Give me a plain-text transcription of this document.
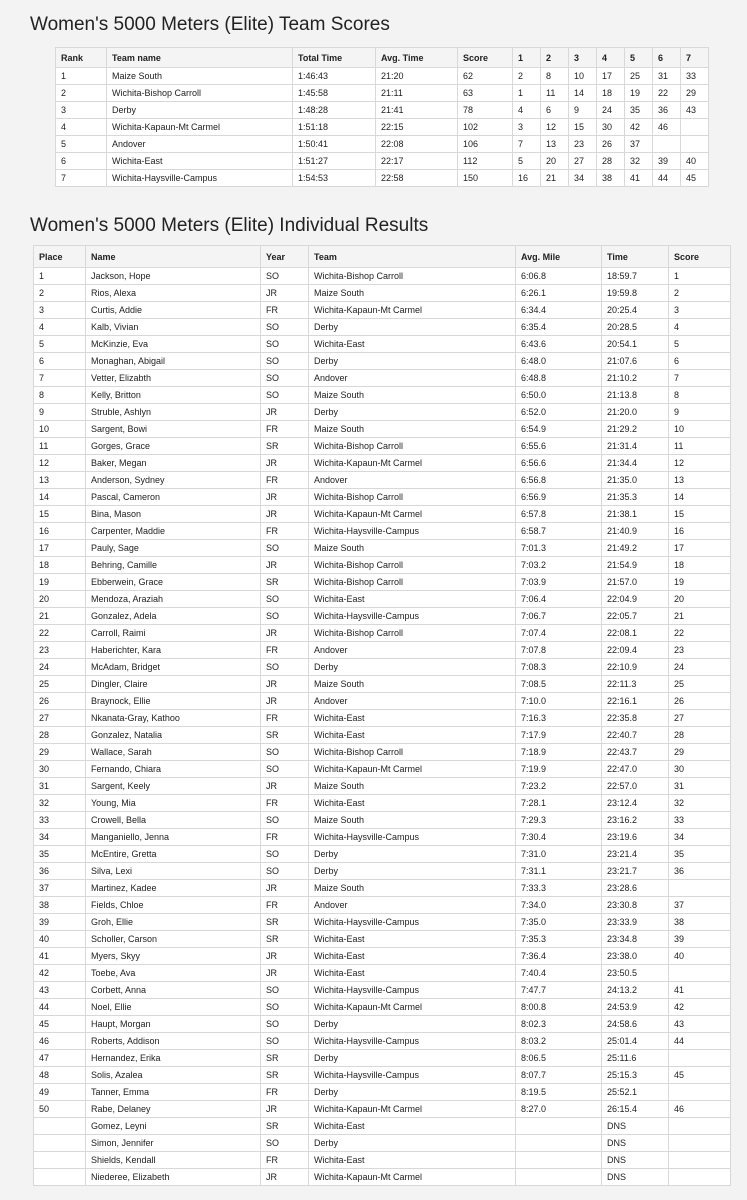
Women's 5000 Meters (Elite) Team Scores
Rank	Team name	Total Time	Avg. Time	Score	1	2	3	4	5	6	7
1	Maize South	1:46:43	21:20	62	2	8	10	17	25	31	33
2	Wichita-Bishop Carroll	1:45:58	21:11	63	1	11	14	18	19	22	29
3	Derby	1:48:28	21:41	78	4	6	9	24	35	36	43
4	Wichita-Kapaun-Mt Carmel	1:51:18	22:15	102	3	12	15	30	42	46	
5	Andover	1:50:41	22:08	106	7	13	23	26	37		
6	Wichita-East	1:51:27	22:17	112	5	20	27	28	32	39	40
7	Wichita-Haysville-Campus	1:54:53	22:58	150	16	21	34	38	41	44	45
Women's 5000 Meters (Elite) Individual Results
Place	Name	Year	Team	Avg. Mile	Time	Score
1	Jackson, Hope	SO	Wichita-Bishop Carroll	6:06.8	18:59.7	1
2	Rios, Alexa	JR	Maize South	6:26.1	19:59.8	2
3	Curtis, Addie	FR	Wichita-Kapaun-Mt Carmel	6:34.4	20:25.4	3
4	Kalb, Vivian	SO	Derby	6:35.4	20:28.5	4
5	McKinzie, Eva	SO	Wichita-East	6:43.6	20:54.1	5
6	Monaghan, Abigail	SO	Derby	6:48.0	21:07.6	6
7	Vetter, Elizabth	SO	Andover	6:48.8	21:10.2	7
8	Kelly, Britton	SO	Maize South	6:50.0	21:13.8	8
9	Struble, Ashlyn	JR	Derby	6:52.0	21:20.0	9
10	Sargent, Bowi	FR	Maize South	6:54.9	21:29.2	10
11	Gorges, Grace	SR	Wichita-Bishop Carroll	6:55.6	21:31.4	11
12	Baker, Megan	JR	Wichita-Kapaun-Mt Carmel	6:56.6	21:34.4	12
13	Anderson, Sydney	FR	Andover	6:56.8	21:35.0	13
14	Pascal, Cameron	JR	Wichita-Bishop Carroll	6:56.9	21:35.3	14
15	Bina, Mason	JR	Wichita-Kapaun-Mt Carmel	6:57.8	21:38.1	15
16	Carpenter, Maddie	FR	Wichita-Haysville-Campus	6:58.7	21:40.9	16
17	Pauly, Sage	SO	Maize South	7:01.3	21:49.2	17
18	Behring, Camille	JR	Wichita-Bishop Carroll	7:03.2	21:54.9	18
19	Ebberwein, Grace	SR	Wichita-Bishop Carroll	7:03.9	21:57.0	19
20	Mendoza, Araziah	SO	Wichita-East	7:06.4	22:04.9	20
21	Gonzalez, Adela	SO	Wichita-Haysville-Campus	7:06.7	22:05.7	21
22	Carroll, Raimi	JR	Wichita-Bishop Carroll	7:07.4	22:08.1	22
23	Haberichter, Kara	FR	Andover	7:07.8	22:09.4	23
24	McAdam, Bridget	SO	Derby	7:08.3	22:10.9	24
25	Dingler, Claire	JR	Maize South	7:08.5	22:11.3	25
26	Braynock, Ellie	JR	Andover	7:10.0	22:16.1	26
27	Nkanata-Gray, Kathoo	FR	Wichita-East	7:16.3	22:35.8	27
28	Gonzalez, Natalia	SR	Wichita-East	7:17.9	22:40.7	28
29	Wallace, Sarah	SO	Wichita-Bishop Carroll	7:18.9	22:43.7	29
30	Fernando, Chiara	SO	Wichita-Kapaun-Mt Carmel	7:19.9	22:47.0	30
31	Sargent, Keely	JR	Maize South	7:23.2	22:57.0	31
32	Young, Mia	FR	Wichita-East	7:28.1	23:12.4	32
33	Crowell, Bella	SO	Maize South	7:29.3	23:16.2	33
34	Manganiello, Jenna	FR	Wichita-Haysville-Campus	7:30.4	23:19.6	34
35	McEntire, Gretta	SO	Derby	7:31.0	23:21.4	35
36	Silva, Lexi	SO	Derby	7:31.1	23:21.7	36
37	Martinez, Kadee	JR	Maize South	7:33.3	23:28.6	
38	Fields, Chloe	FR	Andover	7:34.0	23:30.8	37
39	Groh, Ellie	SR	Wichita-Haysville-Campus	7:35.0	23:33.9	38
40	Scholler, Carson	SR	Wichita-East	7:35.3	23:34.8	39
41	Myers, Skyy	JR	Wichita-East	7:36.4	23:38.0	40
42	Toebe, Ava	JR	Wichita-East	7:40.4	23:50.5	
43	Corbett, Anna	SO	Wichita-Haysville-Campus	7:47.7	24:13.2	41
44	Noel, Ellie	SO	Wichita-Kapaun-Mt Carmel	8:00.8	24:53.9	42
45	Haupt, Morgan	SO	Derby	8:02.3	24:58.6	43
46	Roberts, Addison	SO	Wichita-Haysville-Campus	8:03.2	25:01.4	44
47	Hernandez, Erika	SR	Derby	8:06.5	25:11.6	
48	Solis, Azalea	SR	Wichita-Haysville-Campus	8:07.7	25:15.3	45
49	Tanner, Emma	FR	Derby	8:19.5	25:52.1	
50	Rabe, Delaney	JR	Wichita-Kapaun-Mt Carmel	8:27.0	26:15.4	46
	Gomez, Leyni	SR	Wichita-East		DNS	
	Simon, Jennifer	SO	Derby		DNS	
	Shields, Kendall	FR	Wichita-East		DNS	
	Niederee, Elizabeth	JR	Wichita-Kapaun-Mt Carmel		DNS	
